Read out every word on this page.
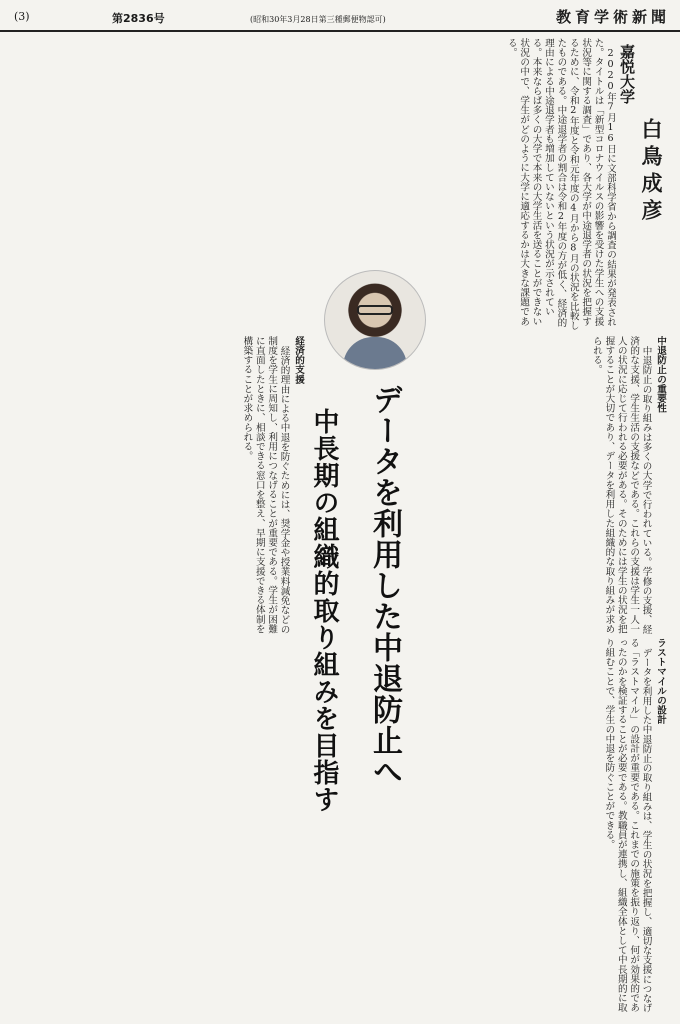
(3)	第2836号	(昭和30年3月28日第三種郵便物認可)	教育学術新聞
嘉悦大学
白鳥成彦

2020年7月16日に文部科学省から調査の結果が発表された。タイトルは「新型コロナウイルスの影響を受けた学生への支援状況等に関する調査」であり、各大学が中途退学者の状況を把握するために、令和2年度と令和元年度の4月から8月の状況を比較したものである。中途退学者の割合は令和2年度の方が低く、経済的理由による中途退学者も増加していないという状況が示されている。本来ならば多くの大学で本来の大学生活を送ることができない状況の中で、学生がどのように大学に適応するかは大きな課題である。

中退防止の重要性

中退防止の取り組みは多くの大学で行われている。学修の支援、経済的な支援、学生生活の支援などである。これらの支援は学生一人一人の状況に応じて行われる必要がある。そのためには学生の状況を把握することが大切であり、データを利用した組織的な取り組みが求められる。

経済的支援

経済的理由による中退を防ぐためには、奨学金や授業料減免などの制度を学生に周知し、利用につなげることが重要である。学生が困難に直面したときに、相談できる窓口を整え、早期に支援できる体制を構築することが求められる。

ラストマイルの設計

データを利用した中退防止の取り組みは、学生の状況を把握し、適切な支援につなげる「ラストマイル」の設計が重要である。これまでの施策を振り返り、何が効果的であったのかを検証することが必要である。教職員が連携し、組織全体として中長期的に取り組むことで、学生の中退を防ぐことができる。

データを利用した中退防止へ
中長期の組織的取り組みを目指す
